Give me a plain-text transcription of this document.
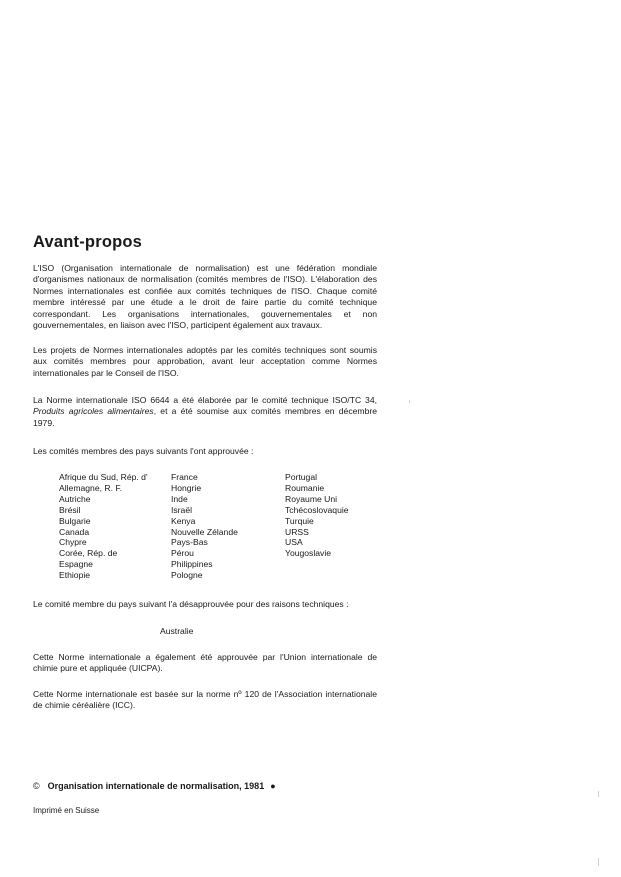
Avant-propos

L'ISO (Organisation internationale de normalisation) est une fédération mondiale d'organismes nationaux de normalisation (comités membres de l'ISO). L'élaboration des Normes internationales est confiée aux comités techniques de l'ISO. Chaque comité membre intéressé par une étude a le droit de faire partie du comité technique correspondant. Les organisations internationales, gouvernementales et non gouvernementales, en liaison avec l'ISO, participent également aux travaux.

Les projets de Normes internationales adoptés par les comités techniques sont soumis aux comités membres pour approbation, avant leur acceptation comme Normes internationales par le Conseil de l'ISO.

La Norme internationale ISO 6644 a été élaborée par le comité technique ISO/TC 34, Produits agricoles alimentaires, et a été soumise aux comités membres en décembre 1979.

Les comités membres des pays suivants l'ont approuvée :

Afrique du Sud, Rép. d'
Allemagne, R. F.
Autriche
Brésil
Bulgarie
Canada
Chypre
Corée, Rép. de
Espagne
Ethiopie
France
Hongrie
Inde
Israël
Kenya
Nouvelle Zélande
Pays-Bas
Pérou
Philippines
Pologne
Portugal
Roumanie
Royaume Uni
Tchécoslovaquie
Turquie
URSS
USA
Yougoslavie

Le comité membre du pays suivant l'a désapprouvée pour des raisons techniques :

Australie

Cette Norme internationale a également été approuvée par l'Union internationale de chimie pure et appliquée (UICPA).

Cette Norme internationale est basée sur la norme nº 120 de l'Association internationale de chimie céréalière (ICC).

© Organisation internationale de normalisation, 1981 ●
Imprimé en Suisse
